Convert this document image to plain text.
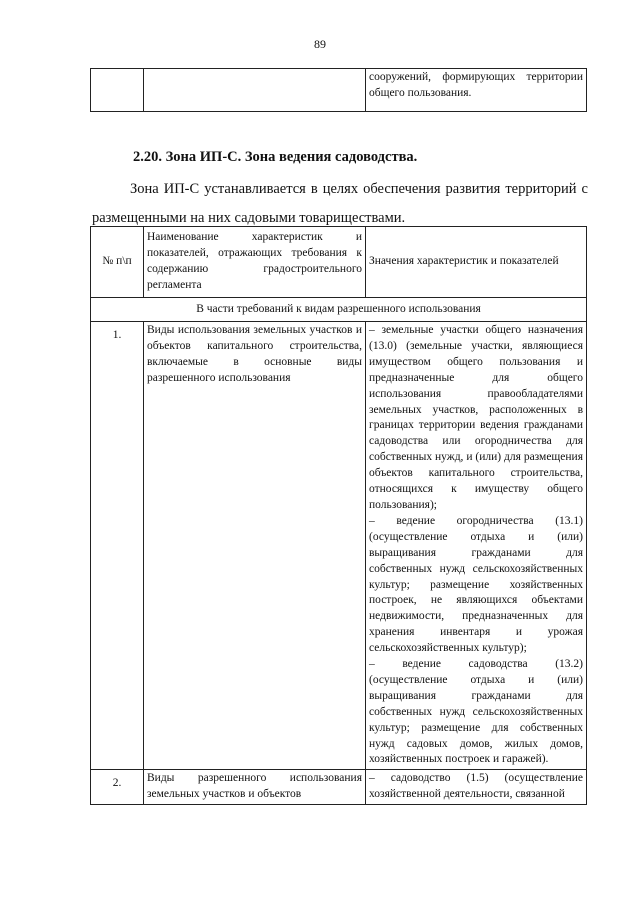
89
		сооружений, формирующих территории общего пользования.
2.20. Зона ИП-С. Зона ведения садоводства.
Зона ИП-С устанавливается в целях обеспечения развития территорий с размещенными на них садовыми товариществами.
№ п\п	Наименование характеристик и показателей, отражающих требования к содержанию градостроительного регламента	Значения характеристик и показателей
В части требований к видам разрешенного использования		
1.	Виды использования земельных участков и объектов капитального строительства, включаемые в основные виды разрешенного использования	– земельные участки общего назначения (13.0) (земельные участки, являющиеся имуществом общего пользования и предназначенные для общего использования правообладателями земельных участков, расположенных в границах территории ведения гражданами садоводства или огородничества для собственных нужд, и (или) для размещения объектов капитального строительства, относящихся к имуществу общего пользования);
– ведение огородничества (13.1) (осуществление отдыха и (или) выращивания гражданами для собственных нужд сельскохозяйственных культур; размещение хозяйственных построек, не являющихся объектами недвижимости, предназначенных для хранения инвентаря и урожая сельскохозяйственных культур);
– ведение садоводства (13.2) (осуществление отдыха и (или) выращивания гражданами для собственных нужд сельскохозяйственных культур; размещение для собственных нужд садовых домов, жилых домов, хозяйственных построек и гаражей).

2.	Виды разрешенного использования земельных участков и объектов	– садоводство (1.5) (осуществление хозяйственной деятельности, связанной
